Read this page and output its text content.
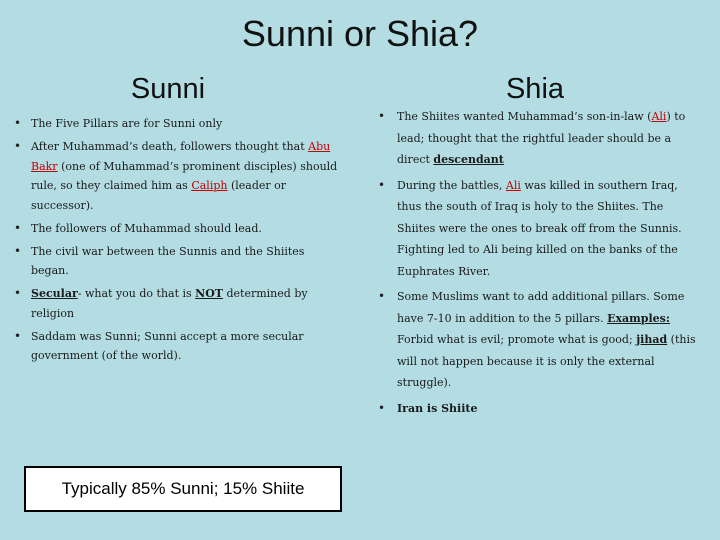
Sunni or Shia?
Sunni	Shia
• The Five Pillars are for Sunni only
• After Muhammad’s death, followers thought that Abu Bakr (one of Muhammad’s prominent disciples) should rule, so they claimed him as Caliph (leader or successor).
• The followers of Muhammad should lead.
• The civil war between the Sunnis and the Shiites began.
• Secular- what you do that is NOT determined by religion
• Saddam was Sunni; Sunni accept a more secular government (of the world).
• The Shiites wanted Muhammad’s son-in-law (Ali) to lead; thought that the rightful leader should be a direct descendant
• During the battles, Ali was killed in southern Iraq, thus the south of Iraq is holy to the Shiites. The Shiites were the ones to break off from the Sunnis. Fighting led to Ali being killed on the banks of the Euphrates River.
• Some Muslims want to add additional pillars. Some have 7-10 in addition to the 5 pillars. Examples: Forbid what is evil; promote what is good; jihad (this will not happen because it is only the external struggle).
• Iran is Shiite
Typically 85% Sunni; 15% Shiite
